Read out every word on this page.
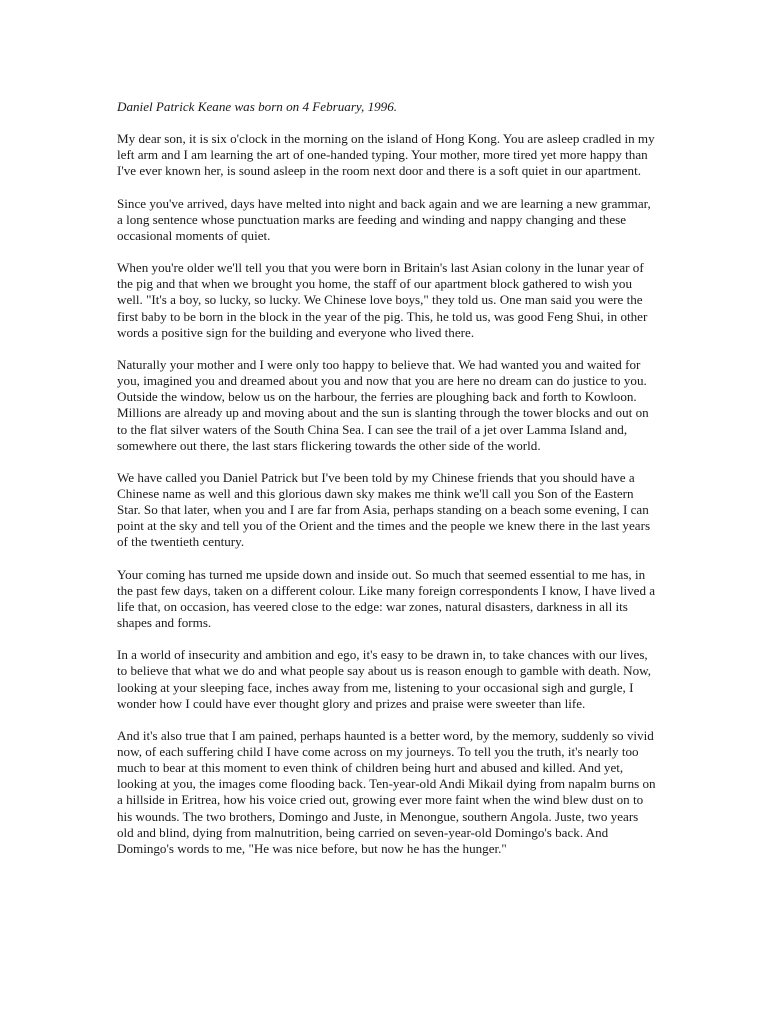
Daniel Patrick Keane was born on 4 February, 1996.

My dear son, it is six o'clock in the morning on the island of Hong Kong. You are asleep cradled in my left arm and I am learning the art of one-handed typing. Your mother, more tired yet more happy than I've ever known her, is sound asleep in the room next door and there is a soft quiet in our apartment.

Since you've arrived, days have melted into night and back again and we are learning a new grammar, a long sentence whose punctuation marks are feeding and winding and nappy changing and these occasional moments of quiet.

When you're older we'll tell you that you were born in Britain's last Asian colony in the lunar year of the pig and that when we brought you home, the staff of our apartment block gathered to wish you well. "It's a boy, so lucky, so lucky. We Chinese love boys," they told us. One man said you were the first baby to be born in the block in the year of the pig. This, he told us, was good Feng Shui, in other words a positive sign for the building and everyone who lived there.

Naturally your mother and I were only too happy to believe that. We had wanted you and waited for you, imagined you and dreamed about you and now that you are here no dream can do justice to you. Outside the window, below us on the harbour, the ferries are ploughing back and forth to Kowloon. Millions are already up and moving about and the sun is slanting through the tower blocks and out on to the flat silver waters of the South China Sea. I can see the trail of a jet over Lamma Island and, somewhere out there, the last stars flickering towards the other side of the world.

We have called you Daniel Patrick but I've been told by my Chinese friends that you should have a Chinese name as well and this glorious dawn sky makes me think we'll call you Son of the Eastern Star. So that later, when you and I are far from Asia, perhaps standing on a beach some evening, I can point at the sky and tell you of the Orient and the times and the people we knew there in the last years of the twentieth century.

Your coming has turned me upside down and inside out. So much that seemed essential to me has, in the past few days, taken on a different colour. Like many foreign correspondents I know, I have lived a life that, on occasion, has veered close to the edge: war zones, natural disasters, darkness in all its shapes and forms.

In a world of insecurity and ambition and ego, it's easy to be drawn in, to take chances with our lives, to believe that what we do and what people say about us is reason enough to gamble with death. Now, looking at your sleeping face, inches away from me, listening to your occasional sigh and gurgle, I wonder how I could have ever thought glory and prizes and praise were sweeter than life.

And it's also true that I am pained, perhaps haunted is a better word, by the memory, suddenly so vivid now, of each suffering child I have come across on my journeys. To tell you the truth, it's nearly too much to bear at this moment to even think of children being hurt and abused and killed. And yet, looking at you, the images come flooding back. Ten-year-old Andi Mikail dying from napalm burns on a hillside in Eritrea, how his voice cried out, growing ever more faint when the wind blew dust on to his wounds. The two brothers, Domingo and Juste, in Menongue, southern Angola. Juste, two years old and blind, dying from malnutrition, being carried on seven-year-old Domingo's back. And Domingo's words to me, "He was nice before, but now he has the hunger."
